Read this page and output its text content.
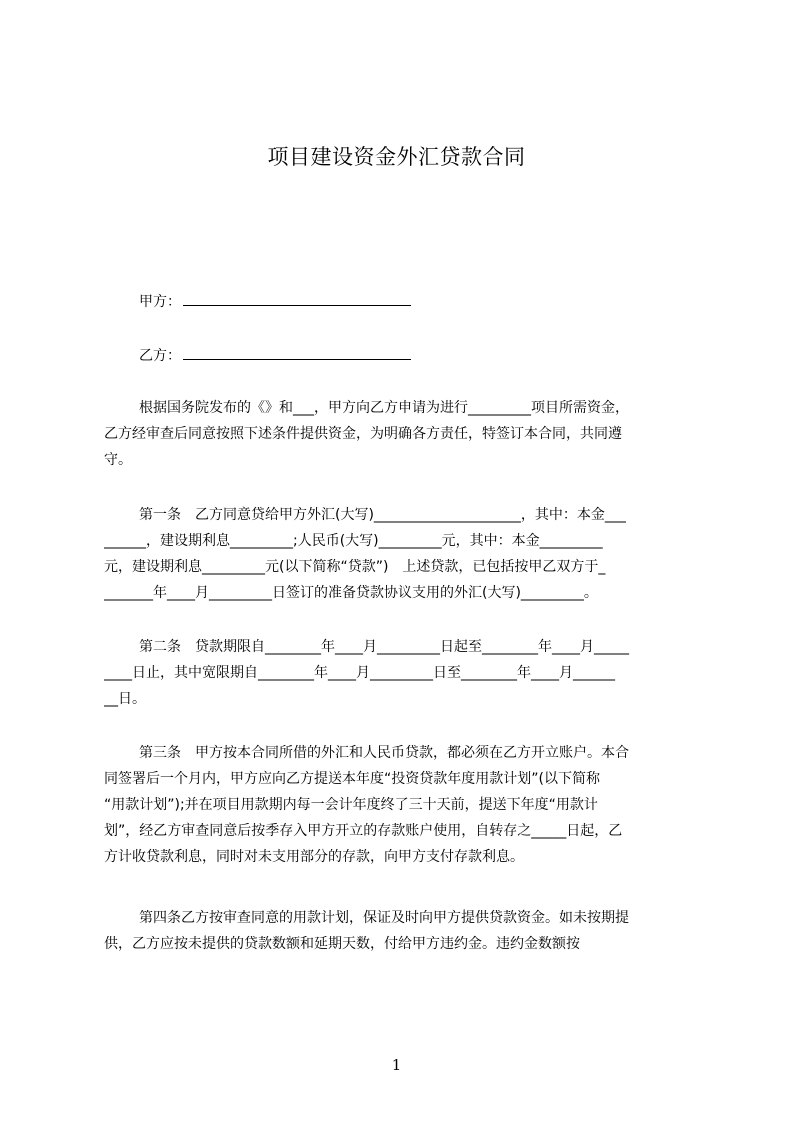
项目建设资金外汇贷款合同
甲方：
乙方：
根据国务院发布的《》和___，甲方向乙方申请为进行_________项目所需资金，
乙方经审查后同意按照下述条件提供资金，为明确各方责任，特签订本合同，共同遵
守。
第一条　乙方同意贷给甲方外汇(大写)_____________________，其中：本金___
______，建设期利息_________;人民币(大写)_________元，其中：本金_________
元，建设期利息_________元(以下简称“贷款”)　上述贷款，已包括按甲乙双方于_
_______年____月_________日签订的准备贷款协议支用的外汇(大写)_________。
第二条　贷款期限自________年____月_________日起至________年____月_____
____日止，其中宽限期自________年____月_________日至________年____月______
__日。
第三条　甲方按本合同所借的外汇和人民币贷款，都必须在乙方开立账户。本合
同签署后一个月内，甲方应向乙方提送本年度“投资贷款年度用款计划”(以下简称
“用款计划”);并在项目用款期内每一会计年度终了三十天前，提送下年度“用款计
划”，经乙方审查同意后按季存入甲方开立的存款账户使用，自转存之_____日起，乙
方计收贷款利息，同时对未支用部分的存款，向甲方支付存款利息。
第四条乙方按审查同意的用款计划，保证及时向甲方提供贷款资金。如未按期提
供，乙方应按未提供的贷款数额和延期天数，付给甲方违约金。违约金数额按
1
